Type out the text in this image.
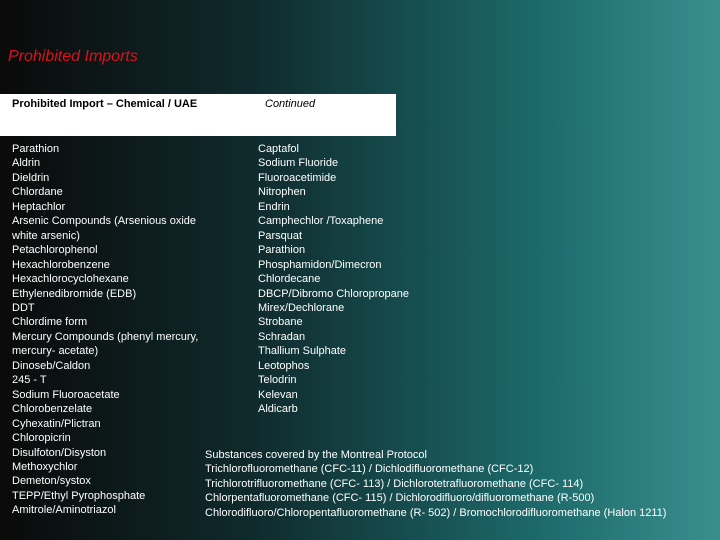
Prohibited Imports
Prohibited Import – Chemical / UAE	Continued
Parathion
Aldrin
Dieldrin
Chlordane
Heptachlor
Arsenic Compounds (Arsenious oxide
white arsenic)
Petachlorophenol
Hexachlorobenzene
Hexachlorocyclohexane
Ethylenedibromide (EDB)
DDT
Chlordime form
Mercury Compounds (phenyl mercury,
mercury- acetate)
Dinoseb/Caldon
245 - T
Sodium Fluoroacetate
Chlorobenzelate
Cyhexatin/Plictran
Chloropicrin
Disulfoton/Disyston
Methoxychlor
Demeton/systox
TEPP/Ethyl Pyrophosphate
Amitrole/Aminotriazol
Captafol
Sodium Fluoride
Fluoroacetimide
Nitrophen
Endrin
Camphechlor /Toxaphene
Parsquat
Parathion
Phosphamidon/Dimecron
Chlordecane
DBCP/Dibromo Chloropropane
Mirex/Dechlorane
Strobane
Schradan
Thallium Sulphate
Leotophos
Telodrin
Kelevan
Aldicarb
Substances covered by the Montreal Protocol
Trichlorofluoromethane (CFC-11) / Dichlodifluoromethane (CFC-12)
Trichlorotrifluoromethane (CFC- 113) / Dichlorotetrafluoromethane (CFC- 114)
Chlorpentafluoromethane (CFC- 115) / Dichlorodifluoro/difluoromethane (R-500)
Chlorodifluoro/Chloropentafluoromethane (R- 502) / Bromochlorodifluoromethane (Halon 1211)
